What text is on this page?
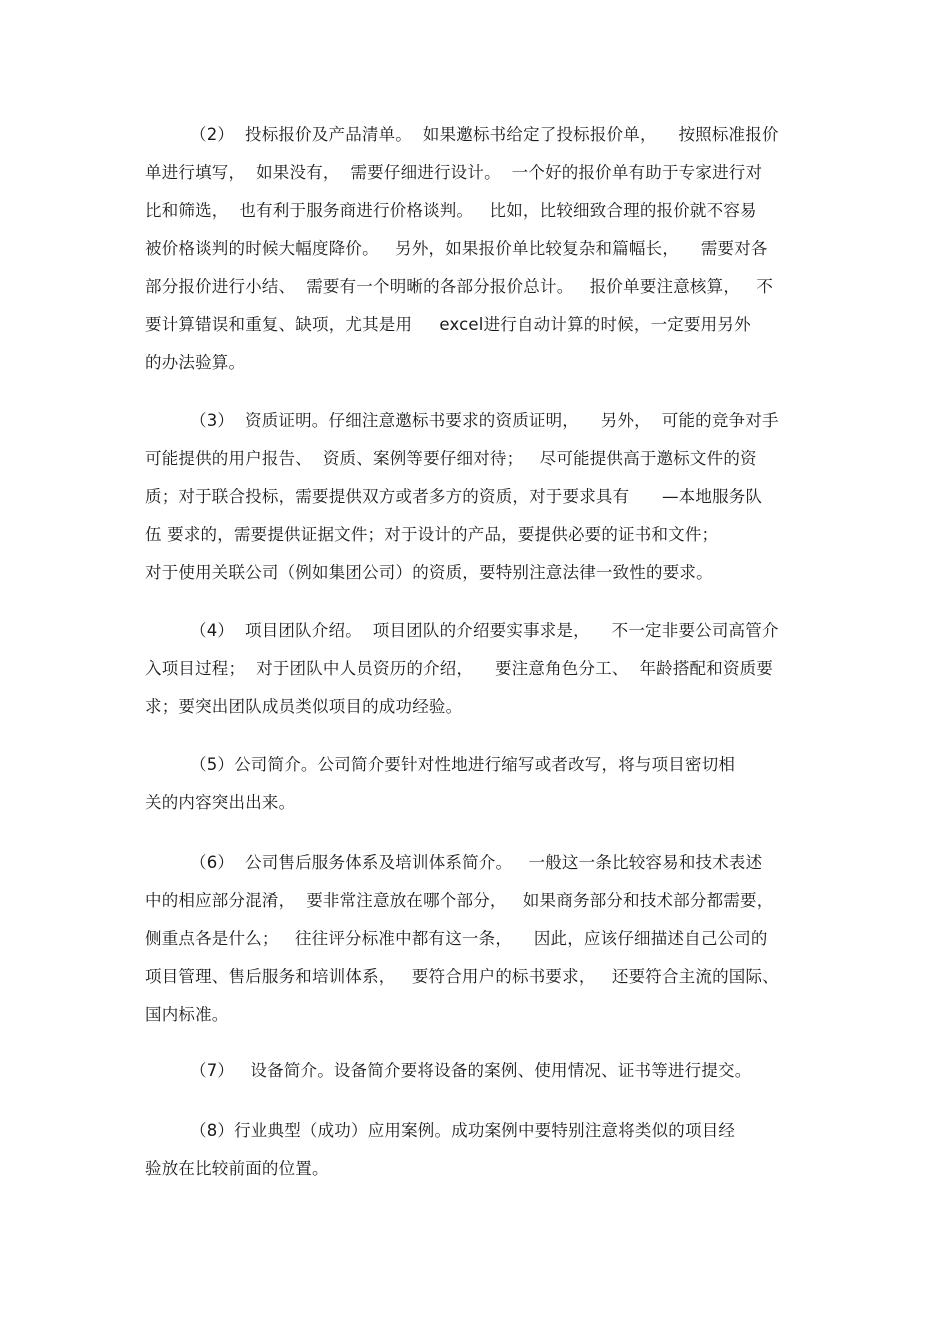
（2）  投标报价及产品清单。  如果邀标书给定了投标报价单，    按照标准报价
单进行填写，  如果没有，  需要仔细进行设计。  一个好的报价单有助于专家进行对
比和筛选，  也有利于服务商进行价格谈判。   比如，比较细致合理的报价就不容易
被价格谈判的时候大幅度降价。   另外，如果报价单比较复杂和篇幅长，    需要对各
部分报价进行小结、  需要有一个明晰的各部分报价总计。   报价单要注意核算，   不
要计算错误和重复、缺项，尤其是用     excel进行自动计算的时候，一定要用另外
的办法验算。
（3）  资质证明。仔细注意邀标书要求的资质证明，    另外，  可能的竞争对手
可能提供的用户报告、  资质、案例等要仔细对待；   尽可能提供高于邀标文件的资
质；对于联合投标，需要提供双方或者多方的资质，对于要求具有      —本地服务队
伍 要求的，需要提供证据文件；对于设计的产品，要提供必要的证书和文件；
对于使用关联公司（例如集团公司）的资质，要特别注意法律一致性的要求。
（4）  项目团队介绍。  项目团队的介绍要实事求是，    不一定非要公司高管介
入项目过程；  对于团队中人员资历的介绍，    要注意角色分工、  年龄搭配和资质要
求；要突出团队成员类似项目的成功经验。
（5）公司简介。公司简介要针对性地进行缩写或者改写，将与项目密切相
关的内容突出出来。
（6）  公司售后服务体系及培训体系简介。   一般这一条比较容易和技术表述
中的相应部分混淆，  要非常注意放在哪个部分，   如果商务部分和技术部分都需要，
侧重点各是什么；   往往评分标准中都有这一条，    因此，应该仔细描述自己公司的
项目管理、售后服务和培训体系，   要符合用户的标书要求，   还要符合主流的国际、
国内标准。
（7）   设备简介。设备简介要将设备的案例、使用情况、证书等进行提交。
（8）行业典型（成功）应用案例。成功案例中要特别注意将类似的项目经
验放在比较前面的位置。
